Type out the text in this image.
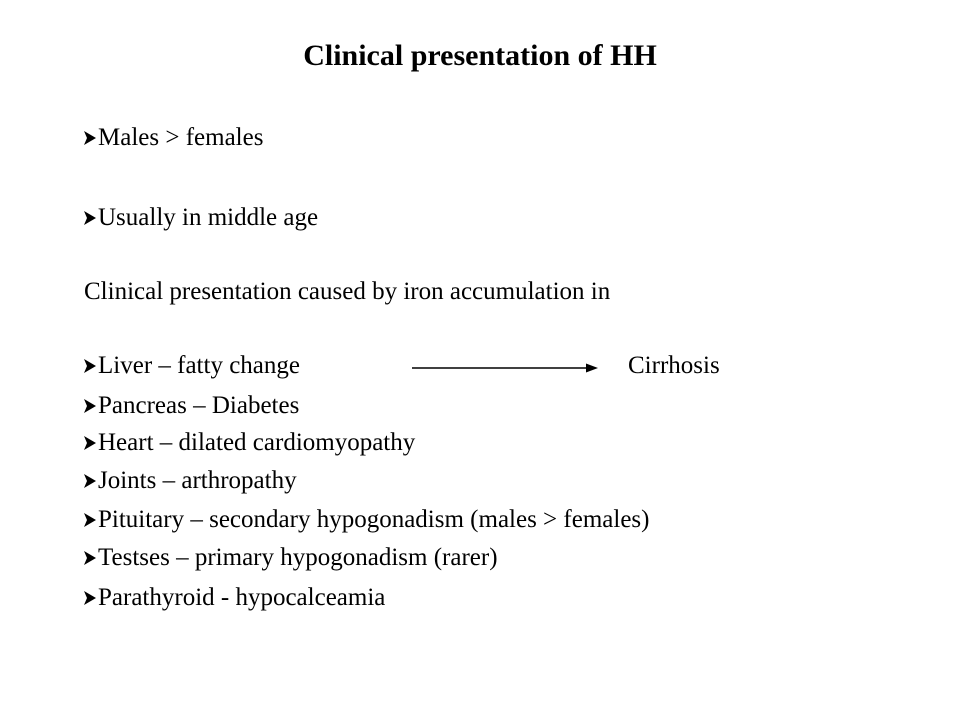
Clinical presentation of HH
Males > females
Usually in middle age
Clinical presentation caused by iron accumulation in
Liver – fatty change	Cirrhosis
Pancreas – Diabetes
Heart – dilated cardiomyopathy
Joints – arthropathy
Pituitary – secondary hypogonadism (males > females)
Testses – primary hypogonadism (rarer)
Parathyroid - hypocalceamia
